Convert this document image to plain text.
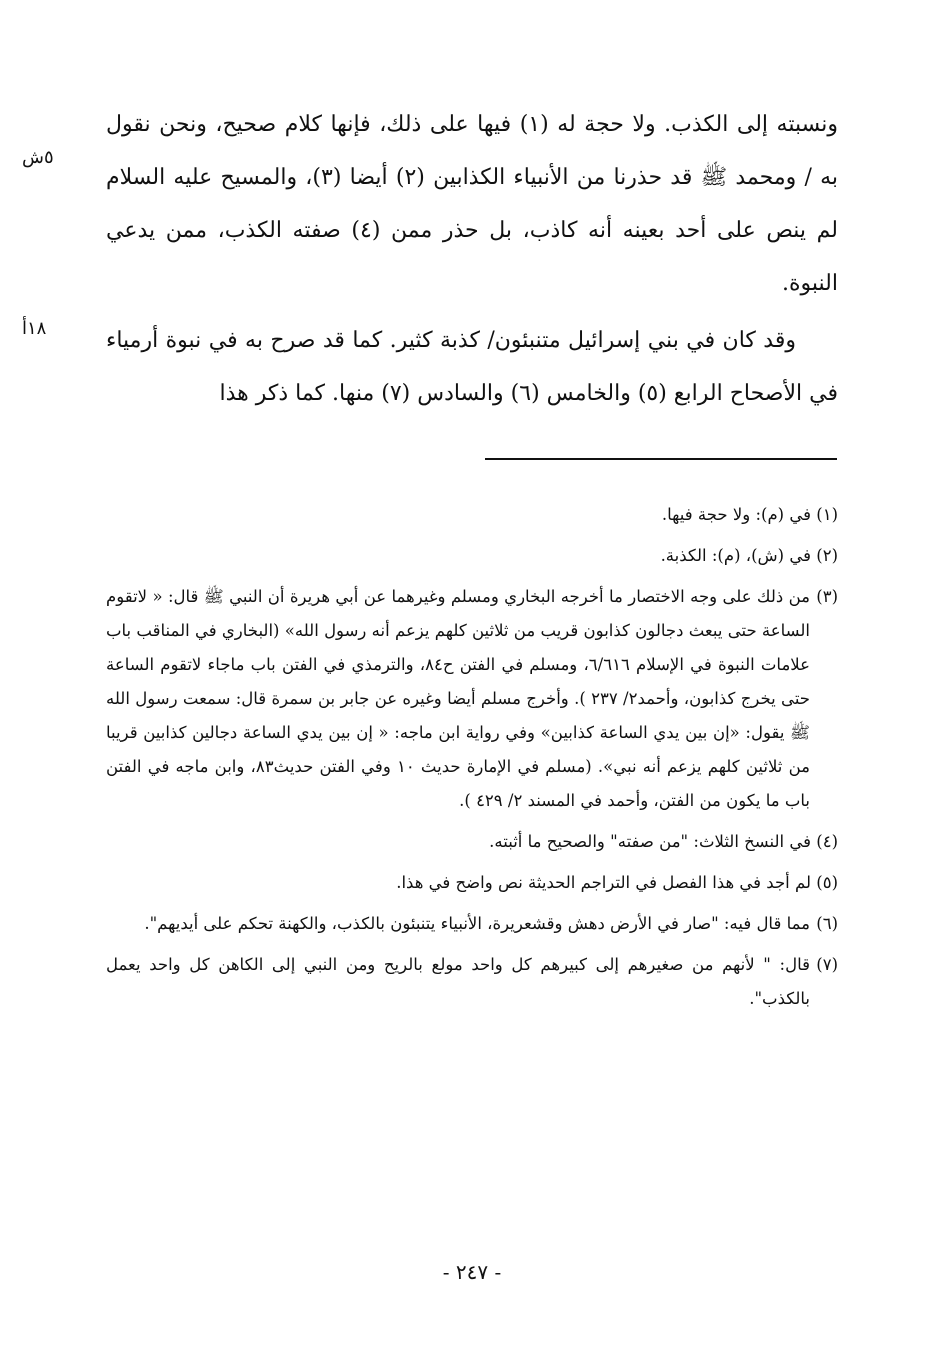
ونسبته إلى الكذب. ولا حجة له (١) فيها على ذلك، فإنها كلام صحيح، ونحن نقول به / ومحمد ﷺ قد حذرنا من الأنبياء الكذابين (٢) أيضا (٣)، والمسيح عليه السلام لم ينص على أحد بعينه أنه كاذب، بل حذر ممن (٤) صفته الكذب، ممن يدعي النبوة.

وقد كان في بني إسرائيل متنبئون/ كذبة كثير. كما قد صرح به في نبوة أرمياء في الأصحاح الرابع (٥) والخامس (٦) والسادس (٧) منها. كما ذكر هذا

٥ش
١٨أ

(١) في (م): ولا حجة فيها.

(٢) في (ش)، (م): الكذبة.

(٣)من ذلك على وجه الاختصار ما أخرجه البخاري ومسلم وغيرهما عن أبي هريرة أن النبي ﷺ قال: « لاتقوم الساعة حتى يبعث دجالون كذابون قريب من ثلاثين كلهم يزعم أنه رسول الله» (البخاري في المناقب باب علامات النبوة في الإسلام ٦/٦١٦، ومسلم في الفتن ح٨٤، والترمذي في الفتن باب ماجاء لاتقوم الساعة حتى يخرج كذابون، وأحمد٢/ ٢٣٧ ). وأخرج مسلم أيضا وغيره عن جابر بن سمرة قال: سمعت رسول الله ﷺ يقول: «إن بين يدي الساعة كذابين» وفي رواية ابن ماجه: « إن بين يدي الساعة دجالين كذابين قريبا من ثلاثين كلهم يزعم أنه نبي». (مسلم في الإمارة حديث ١٠ وفي الفتن حديث٨٣، وابن ماجه في الفتن باب ما يكون من الفتن، وأحمد في المسند ٢/ ٤٢٩ ).

(٤) في النسخ الثلاث: "من صفته" والصحيح ما أثبته.

(٥) لم أجد في هذا الفصل في التراجم الحديثة نص واضح في هذا.

(٦)مما قال فيه: "صار في الأرض دهش وقشعريرة، الأنبياء يتنبئون بالكذب، والكهنة تحكم على أيديهم".

(٧)قال: " لأنهم من صغيرهم إلى كبيرهم كل واحد مولع بالريح ومن النبي إلى الكاهن كل واحد يعمل بالكذب".

- ٢٤٧ -
